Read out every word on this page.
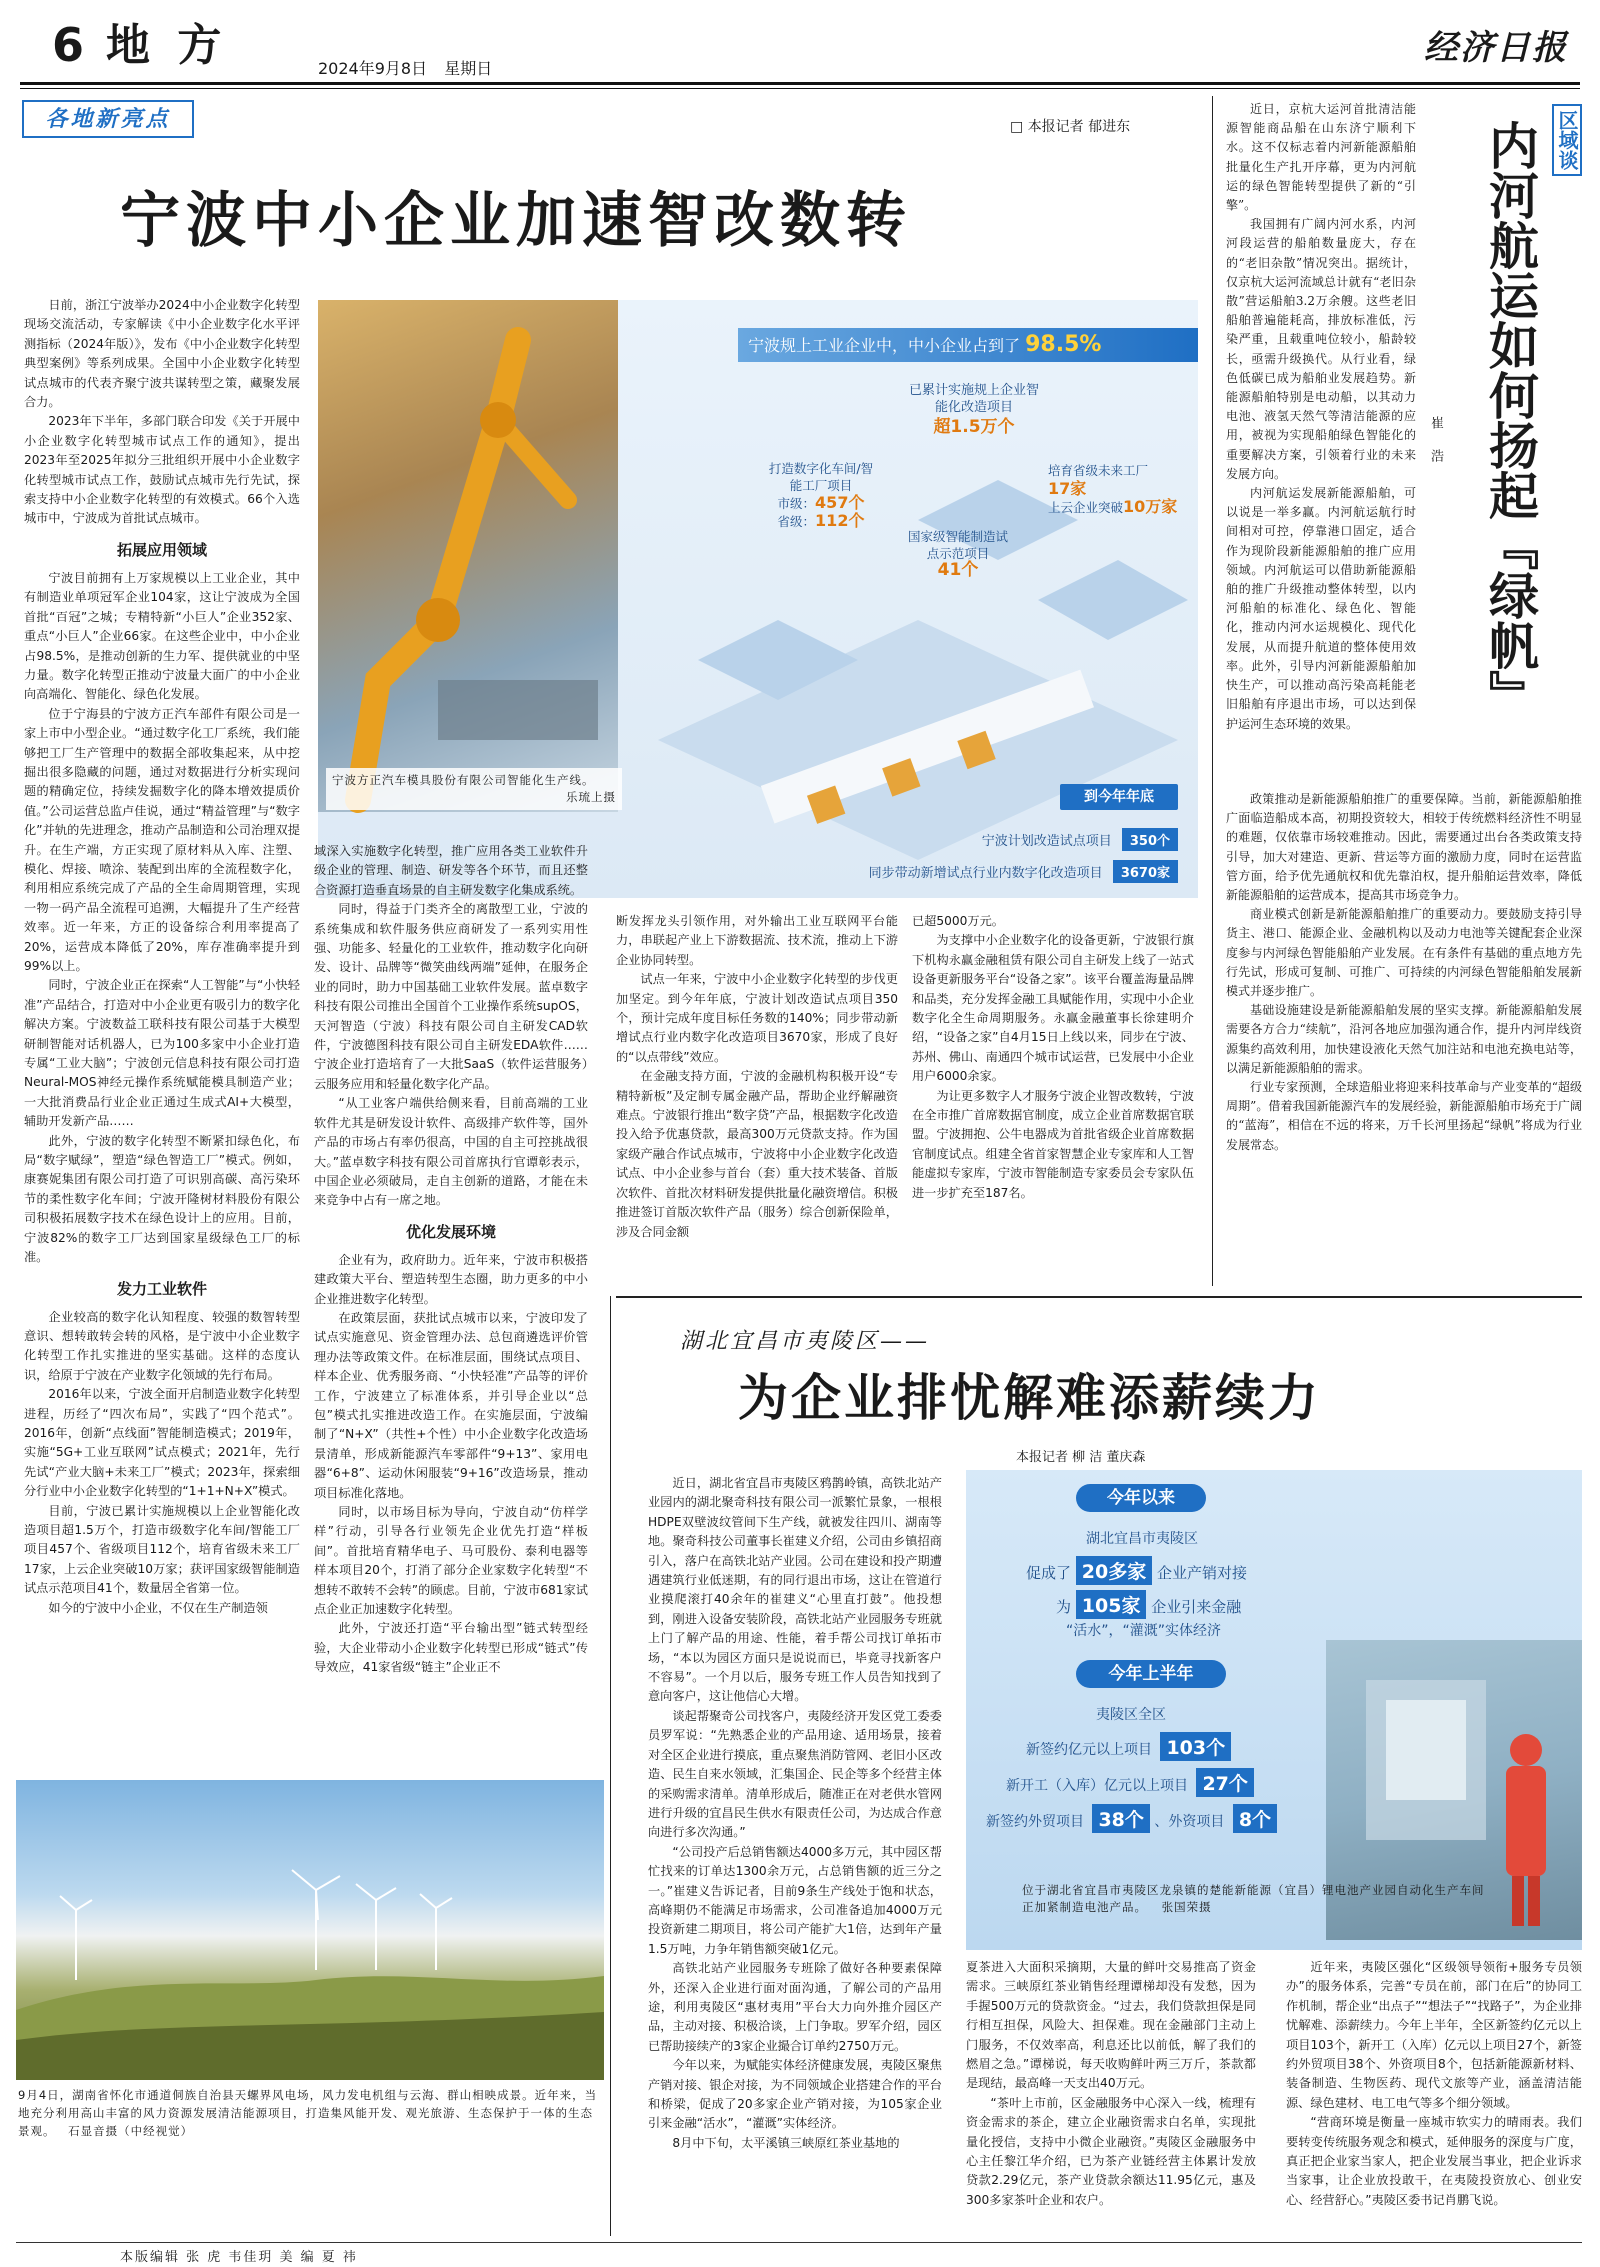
6 地 方	2024年9月8日 星期日
经济日报
各地新亮点	□ 本报记者 郁进东
宁波中小企业加速智改数转

日前，浙江宁波举办2024中小企业数字化转型现场交流活动，专家解读《中小企业数字化水平评测指标（2024年版）》，发布《中小企业数字化转型典型案例》等系列成果。全国中小企业数字化转型试点城市的代表齐聚宁波共谋转型之策，藏聚发展合力。

2023年下半年，多部门联合印发《关于开展中小企业数字化转型城市试点工作的通知》，提出2023年至2025年拟分三批组织开展中小企业数字化转型城市试点工作，鼓励试点城市先行先试，探索支持中小企业数字化转型的有效模式。66个入选城市中，宁波成为首批试点城市。

拓展应用领域

宁波目前拥有上万家规模以上工业企业，其中有制造业单项冠军企业104家，这让宁波成为全国首批“百冠”之城；专精特新“小巨人”企业352家、重点“小巨人”企业66家。在这些企业中，中小企业占98.5%，是推动创新的生力军、提供就业的中坚力量。数字化转型正推动宁波量大面广的中小企业向高端化、智能化、绿色化发展。

位于宁海县的宁波方正汽车部件有限公司是一家上市中小型企业。“通过数字化工厂系统，我们能够把工厂生产管理中的数据全部收集起来，从中挖掘出很多隐藏的问题，通过对数据进行分析实现问题的精确定位，持续发掘数字化的降本增效提质价值。”公司运营总监卢佳说，通过“精益管理”与“数字化”并轨的先进理念，推动产品制造和公司治理双提升。在生产端，方正实现了原材料从入库、注塑、模化、焊接、喷涂、装配到出库的全流程数字化，利用相应系统完成了产品的全生命周期管理，实现一物一码产品全流程可追溯，大幅提升了生产经营效率。近一年来，方正的设备综合利用率提高了20%，运营成本降低了20%，库存准确率提升到99%以上。

同时，宁波企业正在探索“人工智能”与“小快轻准”产品结合，打造对中小企业更有吸引力的数字化解决方案。宁波数益工联科技有限公司基于大模型研制智能对话机器人，已为100多家中小企业打造专属“工业大脑”；宁波创元信息科技有限公司打造Neural-MOS神经元操作系统赋能模具制造产业；一大批消费品行业企业正通过生成式AI+大模型，辅助开发新产品……

此外，宁波的数字化转型不断紧扣绿色化，布局“数字赋绿”，塑造“绿色智造工厂”模式。例如，康赛妮集团有限公司打造了可识别高碳、高污染环节的柔性数字化车间；宁波开隆树材料股份有限公司积极拓展数字技术在绿色设计上的应用。目前，宁波82%的数字工厂达到国家星级绿色工厂的标准。

发力工业软件

企业较高的数字化认知程度、较强的数智转型意识、想转敢转会转的风格，是宁波中小企业数字化转型工作扎实推进的坚实基础。这样的态度认识，给原于宁波在产业数字化领域的先行布局。

2016年以来，宁波全面开启制造业数字化转型进程，历经了“四次布局”，实践了“四个范式”。2016年，创新“点线面”智能制造模式；2019年，实施“5G+工业互联网”试点模式；2021年，先行先试“产业大脑+未来工厂”模式；2023年，探索细分行业中小企业数字化转型的“1+1+N+X”模式。

目前，宁波已累计实施规模以上企业智能化改造项目超1.5万个，打造市级数字化车间/智能工厂项目457个、省级项目112个，培育省级未来工厂17家，上云企业突破10万家；获评国家级智能制造试点示范项目41个，数量居全省第一位。

如今的宁波中小企业，不仅在生产制造领

宁波方正汽车模具股份有限公司智能化生产线。
乐琉上摄
宁波规上工业企业中，中小企业占到了 98.5%
已累计实施规上企业智能化改造项目
超1.5万个
打造数字化车间/智能工厂项目
市级：457个
省级：112个
培育省级未来工厂
17家
上云企业突破10万家
国家级智能制造试点示范项目
41个
到今年年底
宁波计划改造试点项目 350个
同步带动新增试点行业内数字化改造项目 3670家

域深入实施数字化转型，推广应用各类工业软件升级企业的管理、制造、研发等各个环节，而且还整合资源打造垂直场景的自主研发数字化集成系统。

同时，得益于门类齐全的离散型工业，宁波的系统集成和软件服务供应商研发了一系列实用性强、功能多、轻量化的工业软件，推动数字化向研发、设计、品牌等“微笑曲线两端”延伸，在服务企业的同时，助力中国基础工业软件发展。蓝卓数字科技有限公司推出全国首个工业操作系统supOS，天河智造（宁波）科技有限公司自主研发CAD软件，宁波德图科技有限公司自主研发EDA软件……宁波企业打造培育了一大批SaaS（软件运营服务）云服务应用和轻量化数字化产品。

“从工业客户端供给侧来看，目前高端的工业软件尤其是研发设计软件、高级排产软件等，国外产品的市场占有率仍很高，中国的自主可控挑战很大。”蓝卓数字科技有限公司首席执行官谭彰表示，中国企业必须破局，走自主创新的道路，才能在未来竞争中占有一席之地。

优化发展环境

企业有为，政府助力。近年来，宁波市积极搭建政策大平台、塑造转型生态圈，助力更多的中小企业推进数字化转型。

在政策层面，获批试点城市以来，宁波印发了试点实施意见、资金管理办法、总包商遴选评价管理办法等政策文件。在标准层面，围绕试点项目、样本企业、优秀服务商、“小快轻准”产品等的评价工作，宁波建立了标准体系，并引导企业以“总包”模式扎实推进改造工作。在实施层面，宁波编制了“N+X”（共性+个性）中小企业数字化改造场景清单，形成新能源汽车零部件“9+13”、家用电器“6+8”、运动休闲服装“9+16”改造场景，推动项目标准化落地。

同时，以市场目标为导向，宁波自动“仿样学样”行动，引导各行业领先企业优先打造“样板间”。首批培育精华电子、马可股份、泰利电器等样本项目20个，打消了部分企业家数字化转型“不想转不敢转不会转”的顾虑。目前，宁波市681家试点企业正加速数字化转型。

此外，宁波还打造“平台输出型”链式转型经验，大企业带动小企业数字化转型已形成“链式”传导效应，41家省级“链主”企业正不

断发挥龙头引领作用，对外输出工业互联网平台能力，串联起产业上下游数据流、技术流，推动上下游企业协同转型。

试点一年来，宁波中小企业数字化转型的步伐更加坚定。到今年年底，宁波计划改造试点项目350个，预计完成年度目标任务数的140%；同步带动新增试点行业内数字化改造项目3670家，形成了良好的“以点带线”效应。

在金融支持方面，宁波的金融机构积极开设“专精特新板”及定制专属金融产品，帮助企业纾解融资难点。宁波银行推出“数字贷”产品，根据数字化改造投入给予优惠贷款，最高300万元贷款支持。作为国家级产融合作试点城市，宁波将中小企业数字化改造试点、中小企业参与首台（套）重大技术装备、首版次软件、首批次材料研发提供批量化融资增信。积极推进签订首版次软件产品（服务）综合创新保险单，涉及合同金额

已超5000万元。

为支撑中小企业数字化的设备更新，宁波银行旗下机构永赢金融租赁有限公司自主研发上线了一站式设备更新服务平台“设备之家”。该平台覆盖海量品牌和品类，充分发挥金融工具赋能作用，实现中小企业数字化全生命周期服务。永赢金融董事长徐建明介绍，“设备之家”自4月15日上线以来，同步在宁波、苏州、佛山、南通四个城市试运营，已发展中小企业用户6000余家。

为让更多数字人才服务宁波企业智改数转，宁波在全市推广首席数据官制度，成立企业首席数据官联盟。宁波拥抱、公牛电器成为首批省级企业首席数据官制度试点。组建全省首家智慧企业专家库和人工智能虚拟专家库，宁波市智能制造专家委员会专家队伍进一步扩充至187名。

区域谈
内河航运如何扬起『绿帆』
崔 浩

近日，京杭大运河首批清洁能源智能商品船在山东济宁顺利下水。这不仅标志着内河新能源船舶批量化生产扎开序幕，更为内河航运的绿色智能转型提供了新的“引擎”。

我国拥有广阔内河水系，内河河段运营的船舶数量庞大，存在的“老旧杂散”情况突出。据统计，仅京杭大运河流域总计就有“老旧杂散”营运船舶3.2万余艘。这些老旧船舶普遍能耗高，排放标准低，污染严重，且载重吨位较小，船龄较长，亟需升级换代。从行业看，绿色低碳已成为船舶业发展趋势。新能源船舶特别是电动船，以其动力电池、液氢天然气等清洁能源的应用，被视为实现船舶绿色智能化的重要解决方案，引领着行业的未来发展方向。

内河航运发展新能源船舶，可以说是一举多赢。内河航运航行时间相对可控，停靠港口固定，适合作为现阶段新能源船舶的推广应用领域。内河航运可以借助新能源船舶的推广升级推动整体转型，以内河船舶的标准化、绿色化、智能化，推动内河水运规模化、现代化发展，从而提升航道的整体使用效率。此外，引导内河新能源船舶加快生产，可以推动高污染高耗能老旧船舶有序退出市场，可以达到保护运河生态环境的效果。

政策推动是新能源船舶推广的重要保障。当前，新能源船舶推广面临造船成本高，初期投资较大，相较于传统燃料经济性不明显的难题，仅依靠市场较难推动。因此，需要通过出台各类政策支持引导，加大对建造、更新、营运等方面的激励力度，同时在运营监管方面，给予优先通航权和优先靠泊权，提升船舶运营效率，降低新能源船舶的运营成本，提高其市场竞争力。

商业模式创新是新能源船舶推广的重要动力。要鼓励支持引导货主、港口、能源企业、金融机构以及动力电池等关键配套企业深度参与内河绿色智能船舶产业发展。在有条件有基础的重点地方先行先试，形成可复制、可推广、可持续的内河绿色智能船舶发展新模式并逐步推广。

基础设施建设是新能源船舶发展的坚实支撑。新能源船舶发展需要各方合力“续航”，沿河各地应加强沟通合作，提升内河岸线资源集约高效利用，加快建设液化天然气加注站和电池充换电站等，以满足新能源船舶的需求。

行业专家预测，全球造船业将迎来科技革命与产业变革的“超级周期”。借着我国新能源汽车的发展经验，新能源船舶市场充于广阔的“蓝海”，相信在不远的将来，万千长河里扬起“绿帆”将成为行业发展常态。

湖北宜昌市夷陵区——
为企业排忧解难添薪续力
本报记者 柳 洁 董庆森

近日，湖北省宜昌市夷陵区鸦鹊岭镇，高铁北站产业园内的湖北聚奇科技有限公司一派繁忙景象，一根根HDPE双壁波纹管间下生产线，就被发往四川、湖南等地。聚奇科技公司董事长崔建义介绍，公司由乡镇招商引入，落户在高铁北站产业园。公司在建设和投产期遭遇建筑行业低迷期，有的同行退出市场，这让在管道行业摸爬滚打40余年的崔建义“心里直打鼓”。他投想到，刚进入设备安装阶段，高铁北站产业园服务专班就上门了解产品的用途、性能，着手帮公司找订单拓市场，“本以为园区方面只是说说而已，毕竟寻找新客户不容易”。一个月以后，服务专班工作人员告知找到了意向客户，这让他信心大增。

谈起帮聚奇公司找客户，夷陵经济开发区党工委委员罗军说：“先熟悉企业的产品用途、适用场景，接着对全区企业进行摸底，重点聚焦消防管网、老旧小区改造、民生自来水领域，汇集国企、民企等多个经营主体的采购需求清单。清单形成后，随准正在对老供水管网进行升级的宜昌民生供水有限责任公司，为达成合作意向进行多次沟通。”

“公司投产后总销售额达4000多万元，其中园区帮忙找来的订单达1300余万元，占总销售额的近三分之一。”崔建义告诉记者，目前9条生产线处于饱和状态，高峰期仍不能满足市场需求，公司准备追加4000万元投资新建二期项目，将公司产能扩大1倍，达到年产量1.5万吨，力争年销售额突破1亿元。

高铁北站产业园服务专班除了做好各种要素保障外，还深入企业进行面对面沟通，了解公司的产品用途，利用夷陵区“惠材夷用”平台大力向外推介园区产品，主动对接、积极洽谈，上门争取。罗军介绍，园区已帮助接续产的3家企业撮合订单约2750万元。

今年以来，为赋能实体经济健康发展，夷陵区聚焦产销对接、银企对接，为不同领域企业搭建合作的平台和桥梁，促成了20多家企业产销对接，为105家企业引来金融“活水”，“灌溉”实体经济。

8月中下旬，太平溪镇三峡原红茶业基地的

今年以来
湖北宜昌市夷陵区
促成了 20多家 企业产销对接
为 105家 企业引来金融
“活水”，“灌溉”实体经济
今年上半年
夷陵区全区
新签约亿元以上项目 103个
新开工（入库）亿元以上项目 27个
新签约外贸项目 38个 、外资项目 8个
位于湖北省宜昌市夷陵区龙泉镇的楚能新能源（宜昌）锂电池产业园自动化生产车间正加紧制造电池产品。 张国荣摄

夏茶进入大面积采摘期，大量的鲜叶交易推高了资金需求。三峡原红茶业销售经理谭梯却没有发愁，因为手握500万元的贷款资金。“过去，我们贷款担保是同行相互担保，风险大、担保难。现在金融部门主动上门服务，不仅效率高，利息还比以前低，解了我们的燃眉之急。”谭梯说，每天收购鲜叶两三万斤，茶款都是现结，最高峰一天支出40万元。

“茶叶上市前，区金融服务中心深入一线，梳理有资金需求的茶企，建立企业融资需求白名单，实现批量化授信，支持中小微企业融资。”夷陵区金融服务中心主任黎江华介绍，已为茶产业链经营主体累计发放贷款2.29亿元，茶产业贷款余额达11.95亿元，惠及300多家茶叶企业和农户。

近年来，夷陵区强化“区级领导领衔+服务专员领办”的服务体系，完善“专员在前，部门在后”的协同工作机制，帮企业“出点子”“想法子”“找路子”，为企业排忧解难、添薪续力。今年上半年，全区新签约亿元以上项目103个，新开工（入库）亿元以上项目27个，新签约外贸项目38个、外资项目8个，包括新能源新材料、装备制造、生物医药、现代文旅等产业，涵盖清洁能源、绿色建材、电工电气等多个细分领域。

“营商环境是衡量一座城市软实力的晴雨表。我们要转变传统服务观念和模式，延伸服务的深度与广度，真正把企业家当家人，把企业发展当事业，把企业诉求当家事，让企业放投敢干，在夷陵投资放心、创业安心、经营舒心。”夷陵区委书记肖鹏飞说。

9月4日，湖南省怀化市通道侗族自治县天螺界风电场，风力发电机组与云海、群山相映成景。近年来，当地充分利用高山丰富的风力资源发展清洁能源项目，打造集风能开发、观光旅游、生态保护于一体的生态景观。 石显音摄（中经视觉）
本版编辑 张 虎 韦佳玥 美 编 夏 祎
